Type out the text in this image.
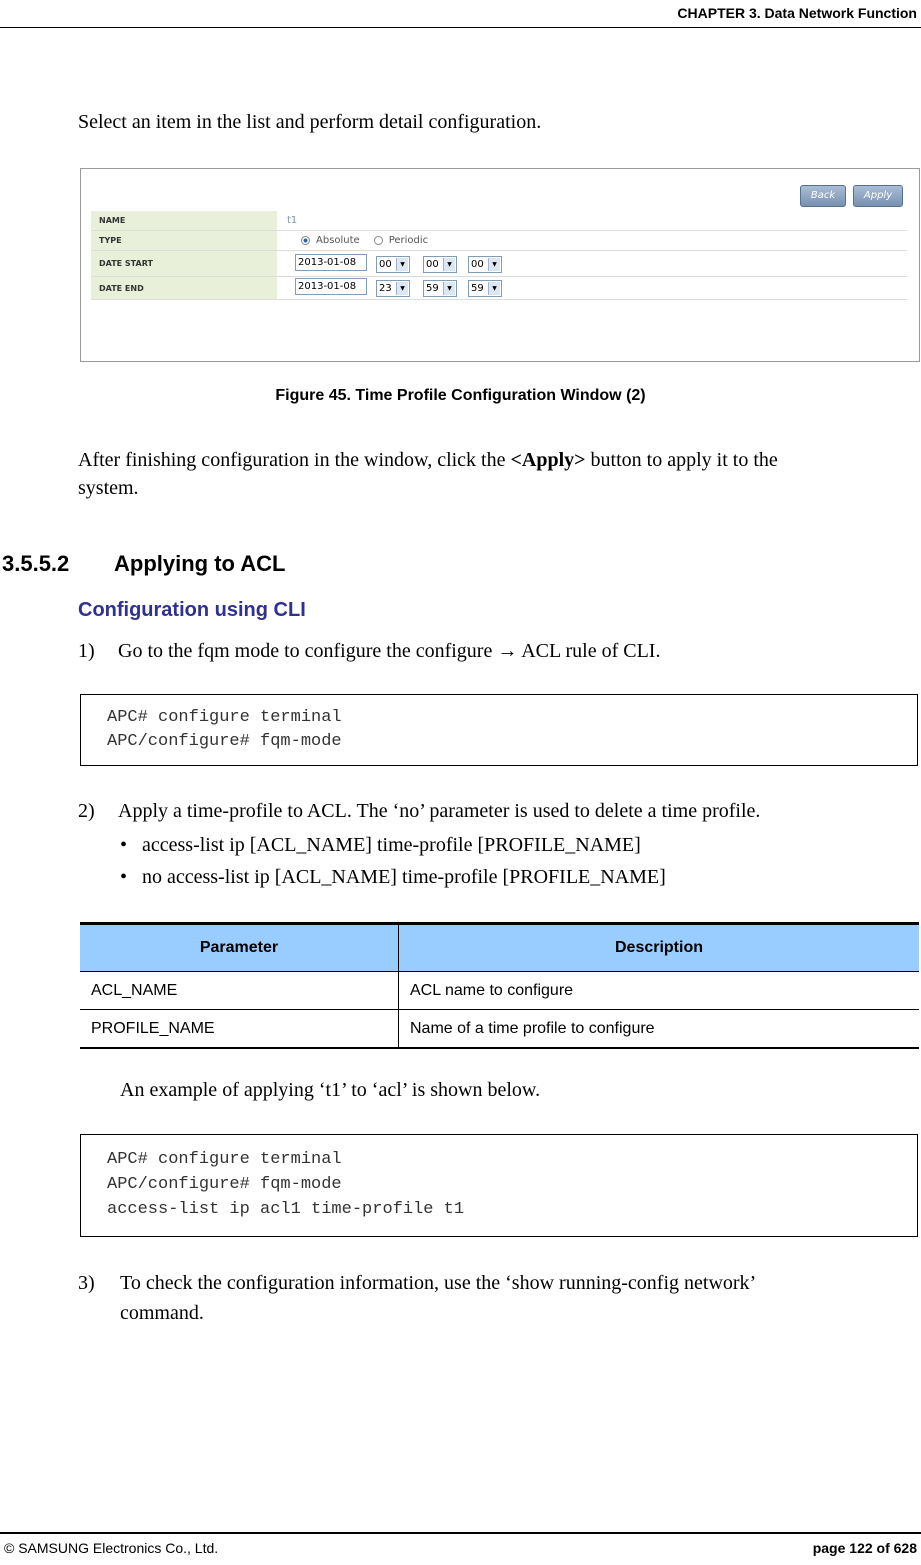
CHAPTER 3. Data Network Function
Select an item in the list and perform detail configuration.
Back	Apply
NAME	t1
TYPE	Absolute	Periodic
DATE START	2013-01-08	00	▼	00	▼	00	▼
DATE END	2013-01-08	23	▼	59	▼	59	▼
Figure 45. Time Profile Configuration Window (2)
After finishing configuration in the window, click the <Apply> button to apply it to the
system.
3.5.5.2 Applying to ACL
Configuration using CLI
1) Go to the fqm mode to configure the configure → ACL rule of CLI.
APC# configure terminal
APC/configure# fqm-mode
2) Apply a time-profile to ACL. The ‘no’ parameter is used to delete a time profile.
• access-list ip [ACL_NAME] time-profile [PROFILE_NAME]
• no access-list ip [ACL_NAME] time-profile [PROFILE_NAME]
Parameter	Description
ACL_NAME	ACL name to configure
PROFILE_NAME	Name of a time profile to configure
An example of applying ‘t1’ to ‘acl’ is shown below.
APC# configure terminal
APC/configure# fqm-mode
access-list ip acl1 time-profile t1
3) To check the configuration information, use the ‘show running-config network’
command.
© SAMSUNG Electronics Co., Ltd.	page 122 of 628
